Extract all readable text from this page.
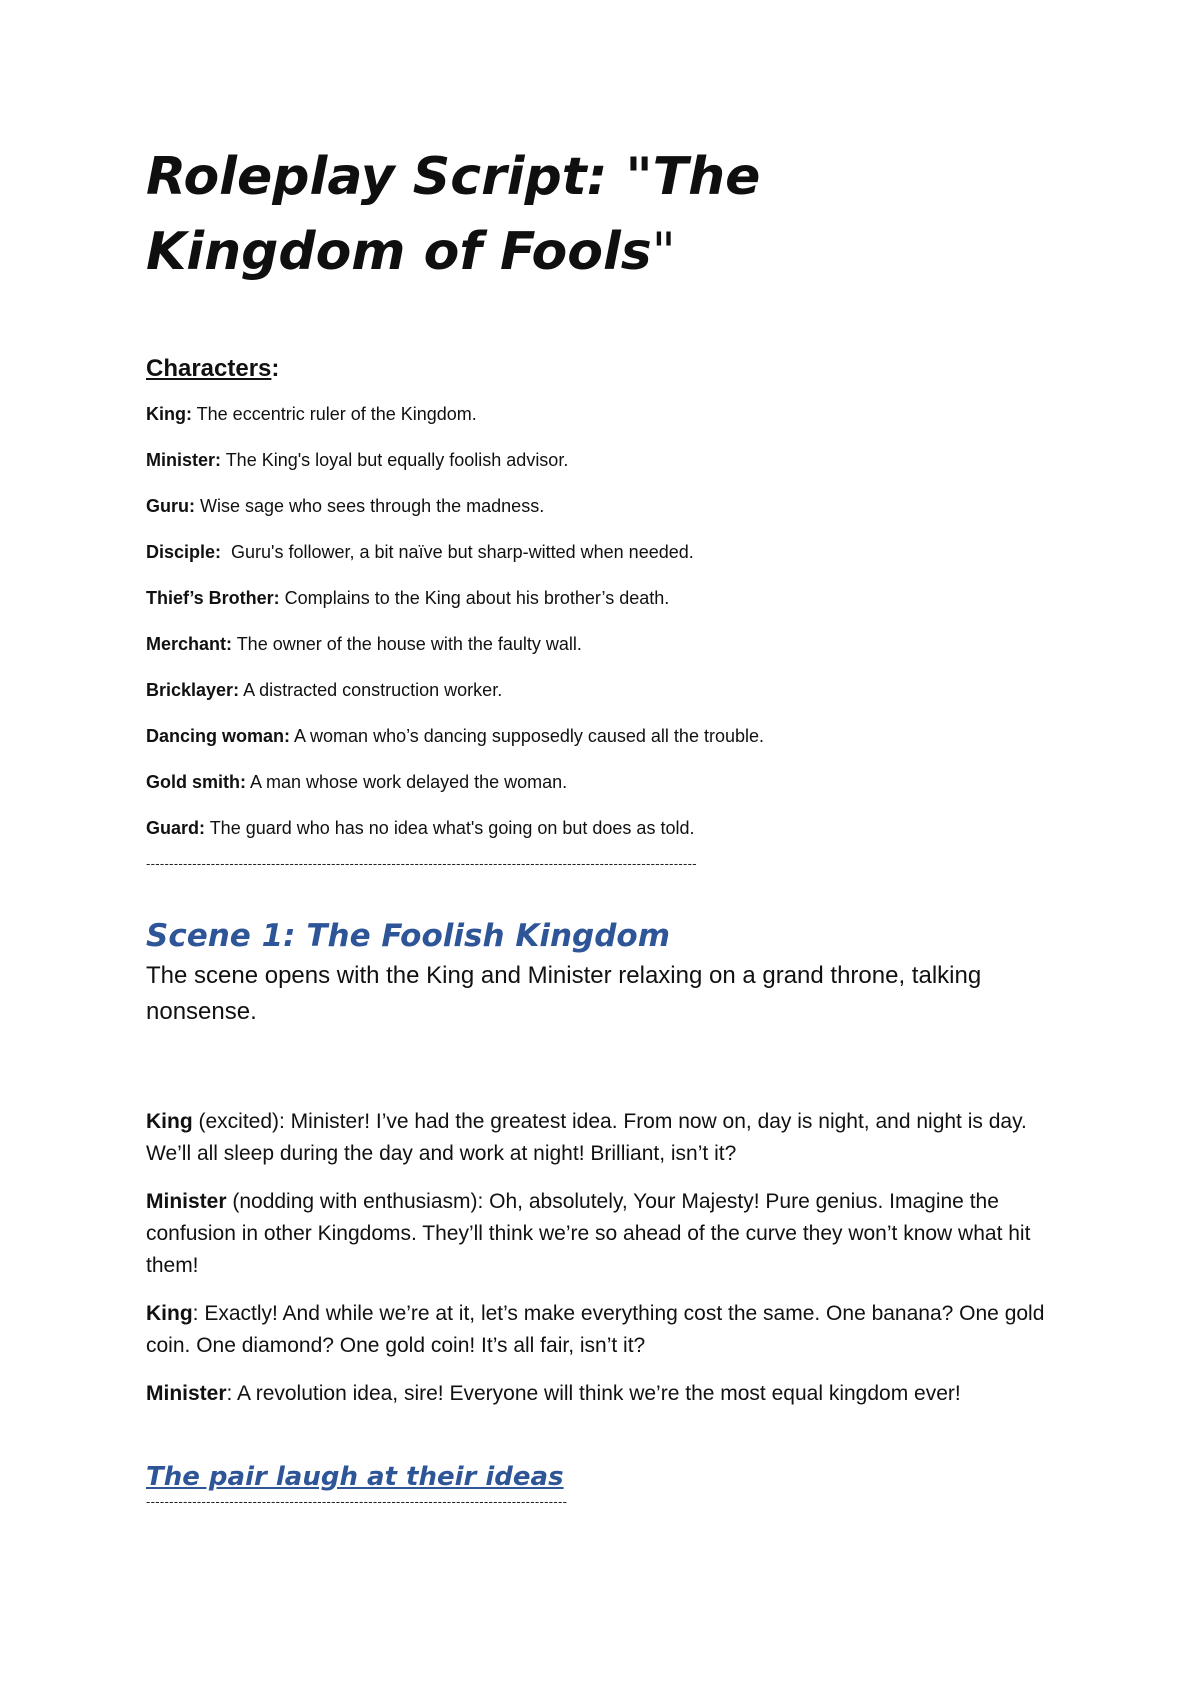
Roleplay Script: "The
Kingdom of Fools"
Characters:
King: The eccentric ruler of the Kingdom.
Minister: The King's loyal but equally foolish advisor.
Guru: Wise sage who sees through the madness.
Disciple:  Guru's follower, a bit naïve but sharp-witted when needed.
Thief’s Brother: Complains to the King about his brother’s death.
Merchant: The owner of the house with the faulty wall.
Bricklayer: A distracted construction worker.
Dancing woman: A woman who’s dancing supposedly caused all the trouble.
Gold smith: A man whose work delayed the woman.
Guard: The guard who has no idea what's going on but does as told.
-----------------------------------------------------------------------------------------------------------------------
Scene 1: The Foolish Kingdom
The scene opens with the King and Minister relaxing on a grand throne, talking nonsense.
King (excited): Minister! I’ve had the greatest idea. From now on, day is night, and night is day. We’ll all sleep during the day and work at night! Brilliant, isn’t it?
Minister (nodding with enthusiasm): Oh, absolutely, Your Majesty! Pure genius. Imagine the confusion in other Kingdoms. They’ll think we’re so ahead of the curve they won’t know what hit them!
King: Exactly! And while we’re at it, let’s make everything cost the same. One banana? One gold coin. One diamond? One gold coin! It’s all fair, isn’t it?
Minister: A revolution idea, sire! Everyone will think we’re the most equal kingdom ever!
The pair laugh at their ideas
-------------------------------------------------------------------------------------------
